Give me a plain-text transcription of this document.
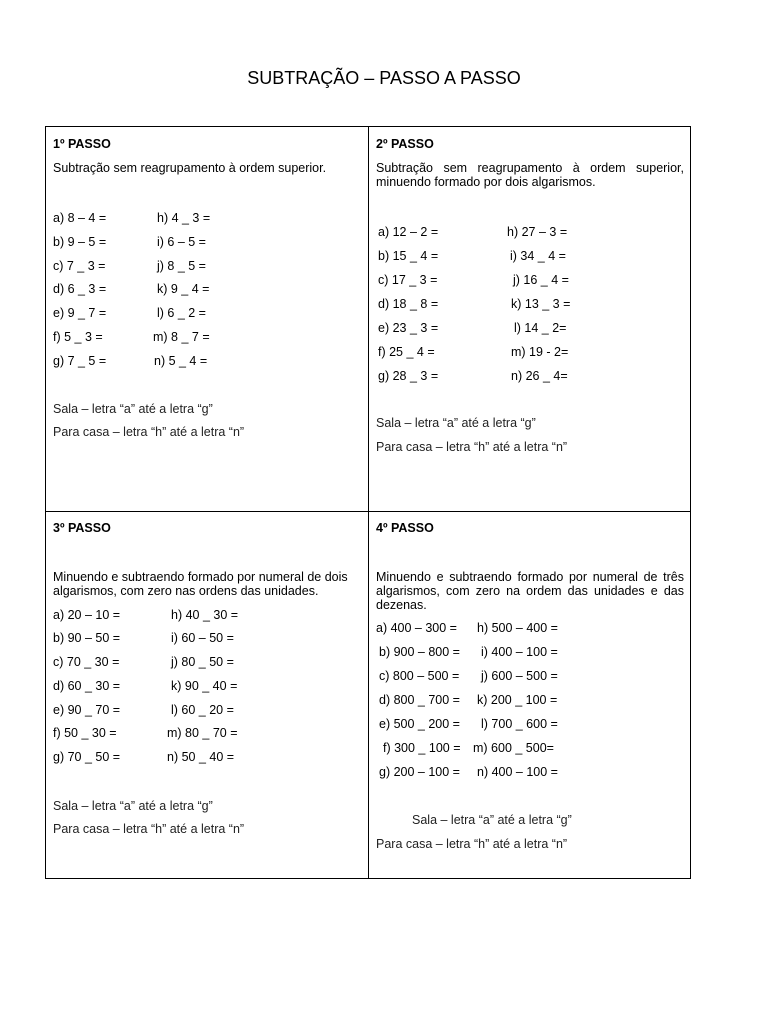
SUBTRAÇÃO – PASSO A PASSO
1º PASSO
Subtração sem reagrupamento à ordem superior.
a) 8 – 4 =
b) 9 – 5 =
c) 7 _ 3 =
d) 6 _ 3 =
e) 9 _ 7 =
f) 5 _ 3 =
g) 7 _ 5 =
h) 4 _ 3 =
i) 6 – 5 =
j) 8 _ 5 =
k) 9 _ 4 =
l) 6 _ 2 =
m) 8 _ 7 =
n) 5 _ 4 =
Sala – letra “a” até a letra “g”
Para casa – letra “h” até a letra “n”
2º PASSO
Subtração sem reagrupamento à ordem superior, minuendo formado por dois algarismos.
a) 12 – 2 =
b) 15 _ 4 =
c) 17 _ 3 =
d) 18 _ 8 =
e) 23 _ 3 =
f) 25 _ 4 =
g) 28 _ 3 =
h) 27 – 3 =
i) 34 _ 4 =
j) 16 _ 4 =
k) 13 _ 3 =
l) 14 _ 2=
m) 19 - 2=
n) 26 _ 4=
Sala – letra “a” até a letra “g”
Para casa – letra “h” até a letra “n”
3º PASSO
Minuendo e subtraendo formado por numeral de dois algarismos, com zero nas ordens das unidades.
a) 20 – 10 =
b) 90 – 50 =
c) 70 _ 30 =
d) 60 _ 30 =
e) 90 _ 70 =
f) 50 _ 30 =
g) 70 _ 50 =
h) 40 _ 30 =
i) 60 – 50 =
j) 80 _ 50 =
k) 90 _ 40 =
l) 60 _ 20 =
m) 80 _ 70 =
n) 50 _ 40 =
Sala – letra “a” até a letra “g”
Para casa – letra “h” até a letra “n”
4º PASSO
Minuendo e subtraendo formado por numeral de três algarismos, com zero na ordem das unidades e das dezenas.
a) 400 – 300 =
b) 900 – 800 =
c) 800 – 500 =
d) 800 _ 700 =
e) 500 _ 200 =
f) 300 _ 100 =
g) 200 – 100 =
h) 500 – 400 =
i) 400 – 100 =
j) 600 – 500 =
k) 200 _ 100 =
l) 700 _ 600 =
m) 600 _ 500=
n) 400 – 100 =
Sala – letra “a” até a letra “g”
Para casa – letra “h” até a letra “n”
